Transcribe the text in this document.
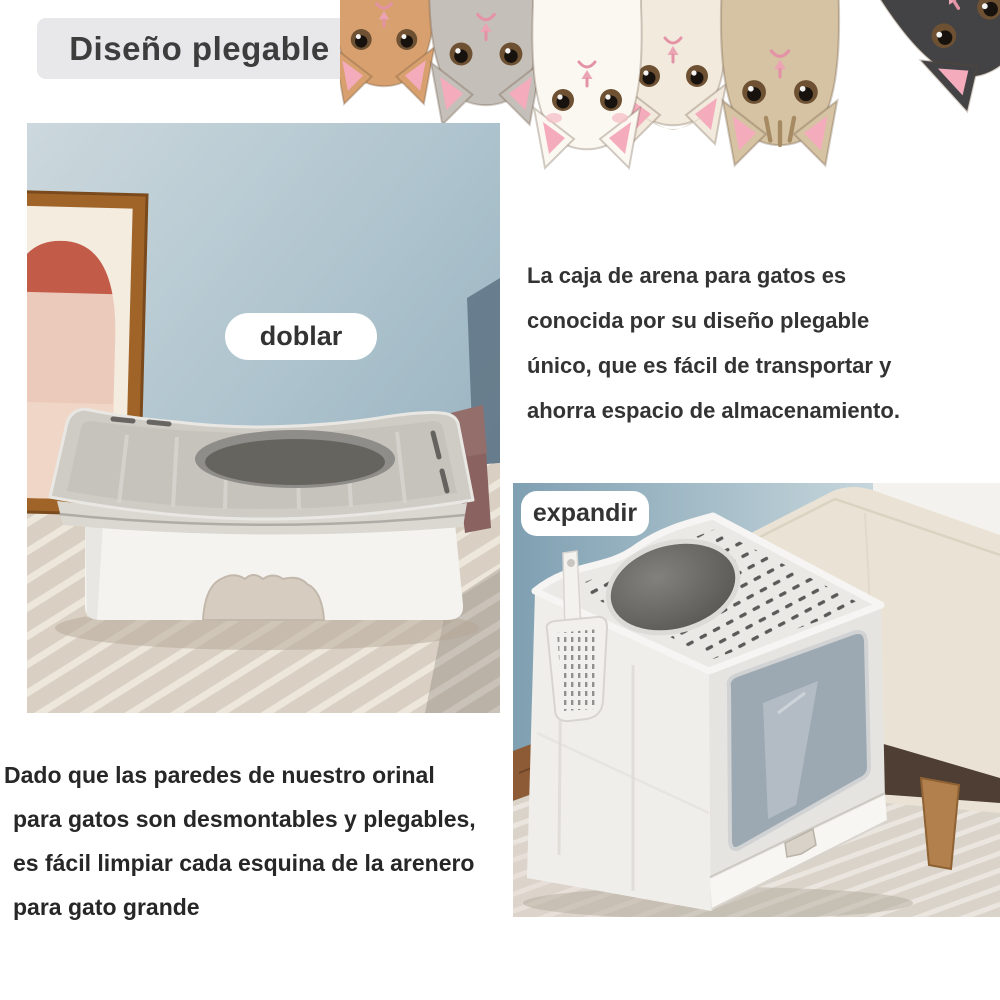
Diseño plegable
doblar
La caja de arena para gatos es
conocida por su diseño plegable
único, que es fácil de transportar y
ahorra espacio de almacenamiento.
expandir
Dado que las paredes de nuestro orinal
para gatos son desmontables y plegables,
es fácil limpiar cada esquina de la arenero
para gato grande
